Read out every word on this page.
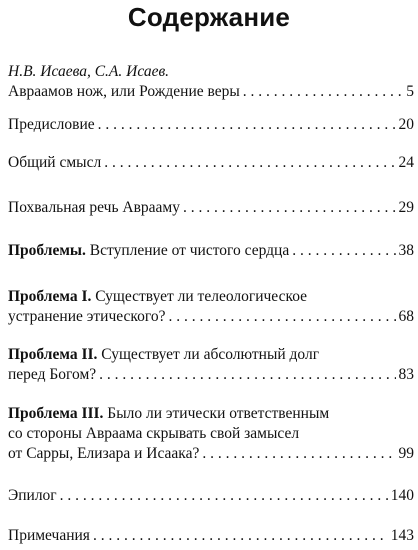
Содержание
Н.В. Исаева, С.А. Исаев.
Авраамов нож, или Рождение веры . . .	5
Предисловие . . .	20
Общий смысл . . .	24
Похвальная речь Аврааму . . .	29
Проблемы. Вступление от чистого сердца . . .	38
Проблема I. Существует ли телеологическое
устранение этического? . . .	68
Проблема II. Существует ли абсолютный долг
перед Богом? . . .	83
Проблема III. Было ли этически ответственным
со стороны Авраама скрывать свой замысел
от Сарры, Елизара и Исаака? . . .	99
Эпилог . . .	140
Примечания . . .	143
